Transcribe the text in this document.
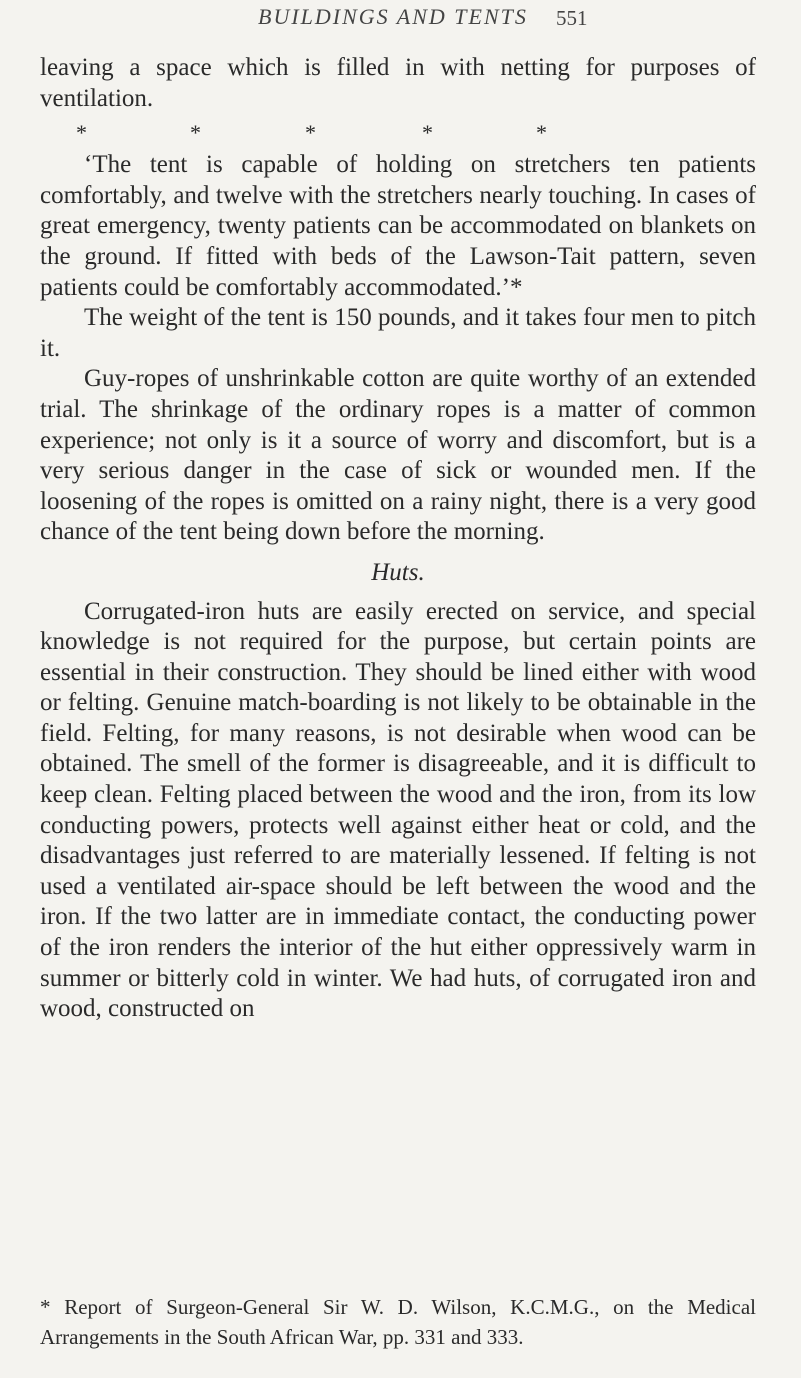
BUILDINGS AND TENTS 551

leaving a space which is filled in with netting for purposes of ventilation.

*	*	*	*	*

‘The tent is capable of holding on stretchers ten patients comfortably, and twelve with the stretchers nearly touching. In cases of great emergency, twenty patients can be accommodated on blankets on the ground. If fitted with beds of the Lawson-Tait pattern, seven patients could be comfortably accommodated.’*

The weight of the tent is 150 pounds, and it takes four men to pitch it.

Guy-ropes of unshrinkable cotton are quite worthy of an extended trial. The shrinkage of the ordinary ropes is a matter of common experience; not only is it a source of worry and discomfort, but is a very serious danger in the case of sick or wounded men. If the loosening of the ropes is omitted on a rainy night, there is a very good chance of the tent being down before the morning.

Huts.

Corrugated-iron huts are easily erected on service, and special knowledge is not required for the purpose, but certain points are essential in their construction. They should be lined either with wood or felting. Genuine match-boarding is not likely to be obtainable in the field. Felting, for many reasons, is not desirable when wood can be obtained. The smell of the former is disagreeable, and it is difficult to keep clean. Felting placed between the wood and the iron, from its low conducting powers, protects well against either heat or cold, and the disadvantages just referred to are materially lessened. If felting is not used a ventilated air-space should be left between the wood and the iron. If the two latter are in immediate contact, the conducting power of the iron renders the interior of the hut either oppressively warm in summer or bitterly cold in winter. We had huts, of corrugated iron and wood, constructed on

* Report of Surgeon-General Sir W. D. Wilson, K.C.M.G., on the Medical Arrangements in the South African War, pp. 331 and 333.
